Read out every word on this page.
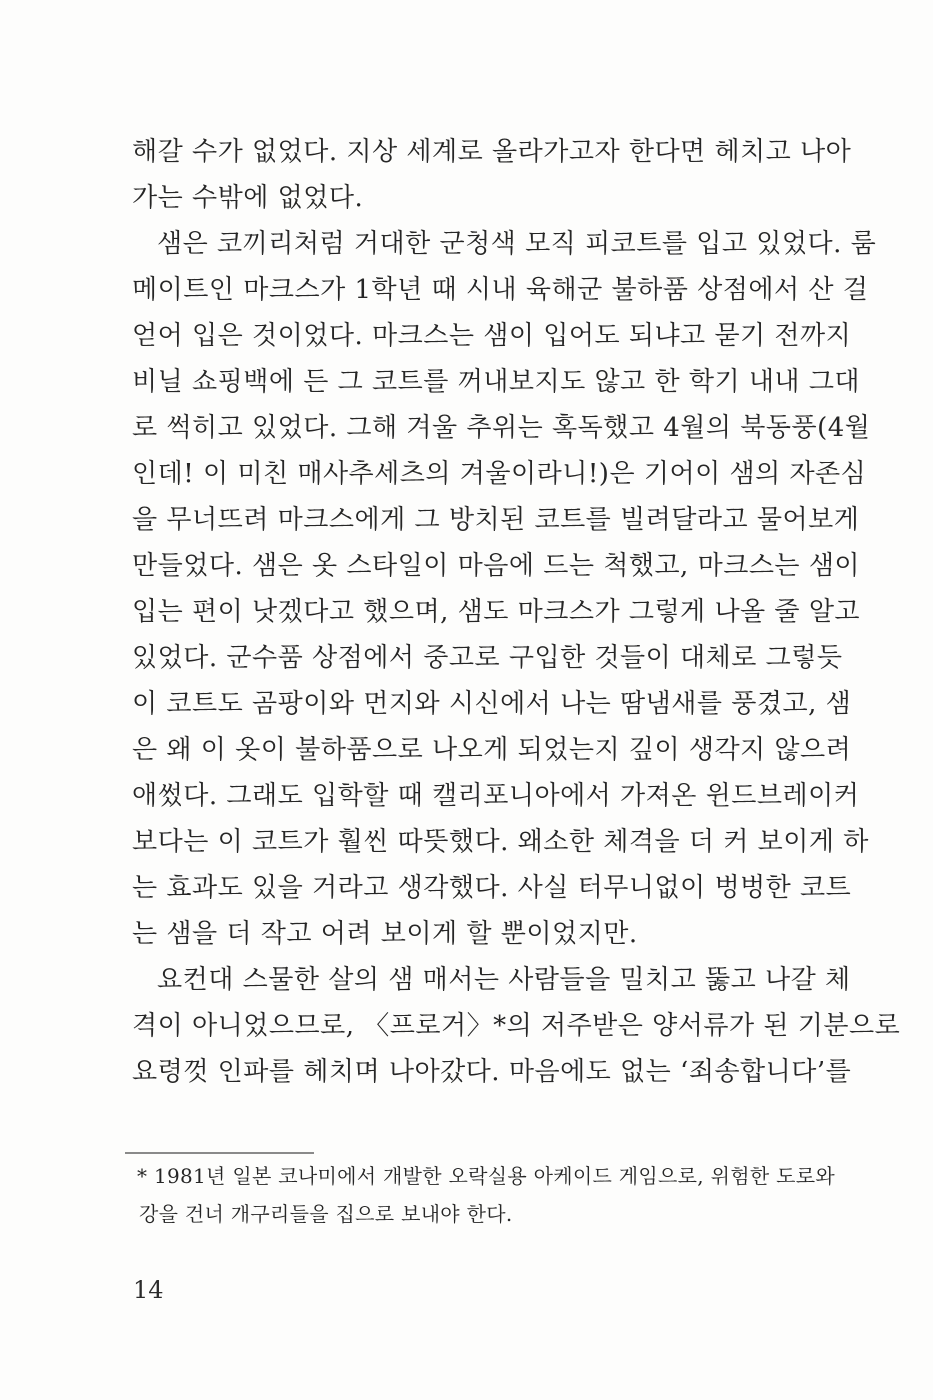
해갈 수가 없었다. 지상 세계로 올라가고자 한다면 헤치고 나아
가는 수밖에 없었다.
샘은 코끼리처럼 거대한 군청색 모직 피코트를 입고 있었다. 룸
메이트인 마크스가 1학년 때 시내 육해군 불하품 상점에서 산 걸
얻어 입은 것이었다. 마크스는 샘이 입어도 되냐고 묻기 전까지
비닐 쇼핑백에 든 그 코트를 꺼내보지도 않고 한 학기 내내 그대
로 썩히고 있었다. 그해 겨울 추위는 혹독했고 4월의 북동풍(4월
인데! 이 미친 매사추세츠의 겨울이라니!)은 기어이 샘의 자존심
을 무너뜨려 마크스에게 그 방치된 코트를 빌려달라고 물어보게
만들었다. 샘은 옷 스타일이 마음에 드는 척했고, 마크스는 샘이
입는 편이 낫겠다고 했으며, 샘도 마크스가 그렇게 나올 줄 알고
있었다. 군수품 상점에서 중고로 구입한 것들이 대체로 그렇듯
이 코트도 곰팡이와 먼지와 시신에서 나는 땀냄새를 풍겼고, 샘
은 왜 이 옷이 불하품으로 나오게 되었는지 깊이 생각지 않으려
애썼다. 그래도 입학할 때 캘리포니아에서 가져온 윈드브레이커
보다는 이 코트가 훨씬 따뜻했다. 왜소한 체격을 더 커 보이게 하
는 효과도 있을 거라고 생각했다. 사실 터무니없이 벙벙한 코트
는 샘을 더 작고 어려 보이게 할 뿐이었지만.
요컨대 스물한 살의 샘 매서는 사람들을 밀치고 뚫고 나갈 체
격이 아니었으므로, 〈프로거〉*의 저주받은 양서류가 된 기분으로
요령껏 인파를 헤치며 나아갔다. 마음에도 없는 ‘죄송합니다’를
* 1981년 일본 코나미에서 개발한 오락실용 아케이드 게임으로, 위험한 도로와
강을 건너 개구리들을 집으로 보내야 한다.
14
